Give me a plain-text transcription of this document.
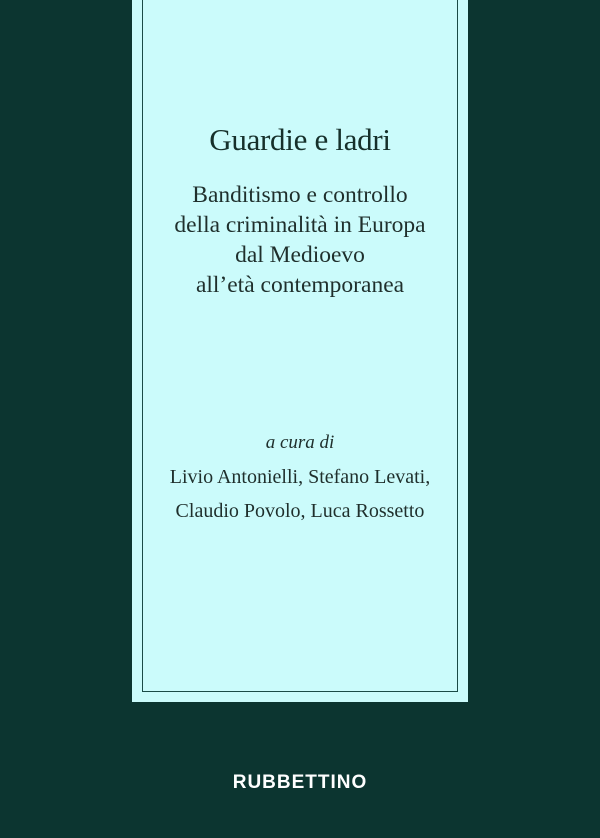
Guardie e ladri
Banditismo e controllo
della criminalità in Europa
dal Medioevo
all’età contemporanea
a cura di
Livio Antonielli, Stefano Levati,
Claudio Povolo, Luca Rossetto
RUBBETTINO
